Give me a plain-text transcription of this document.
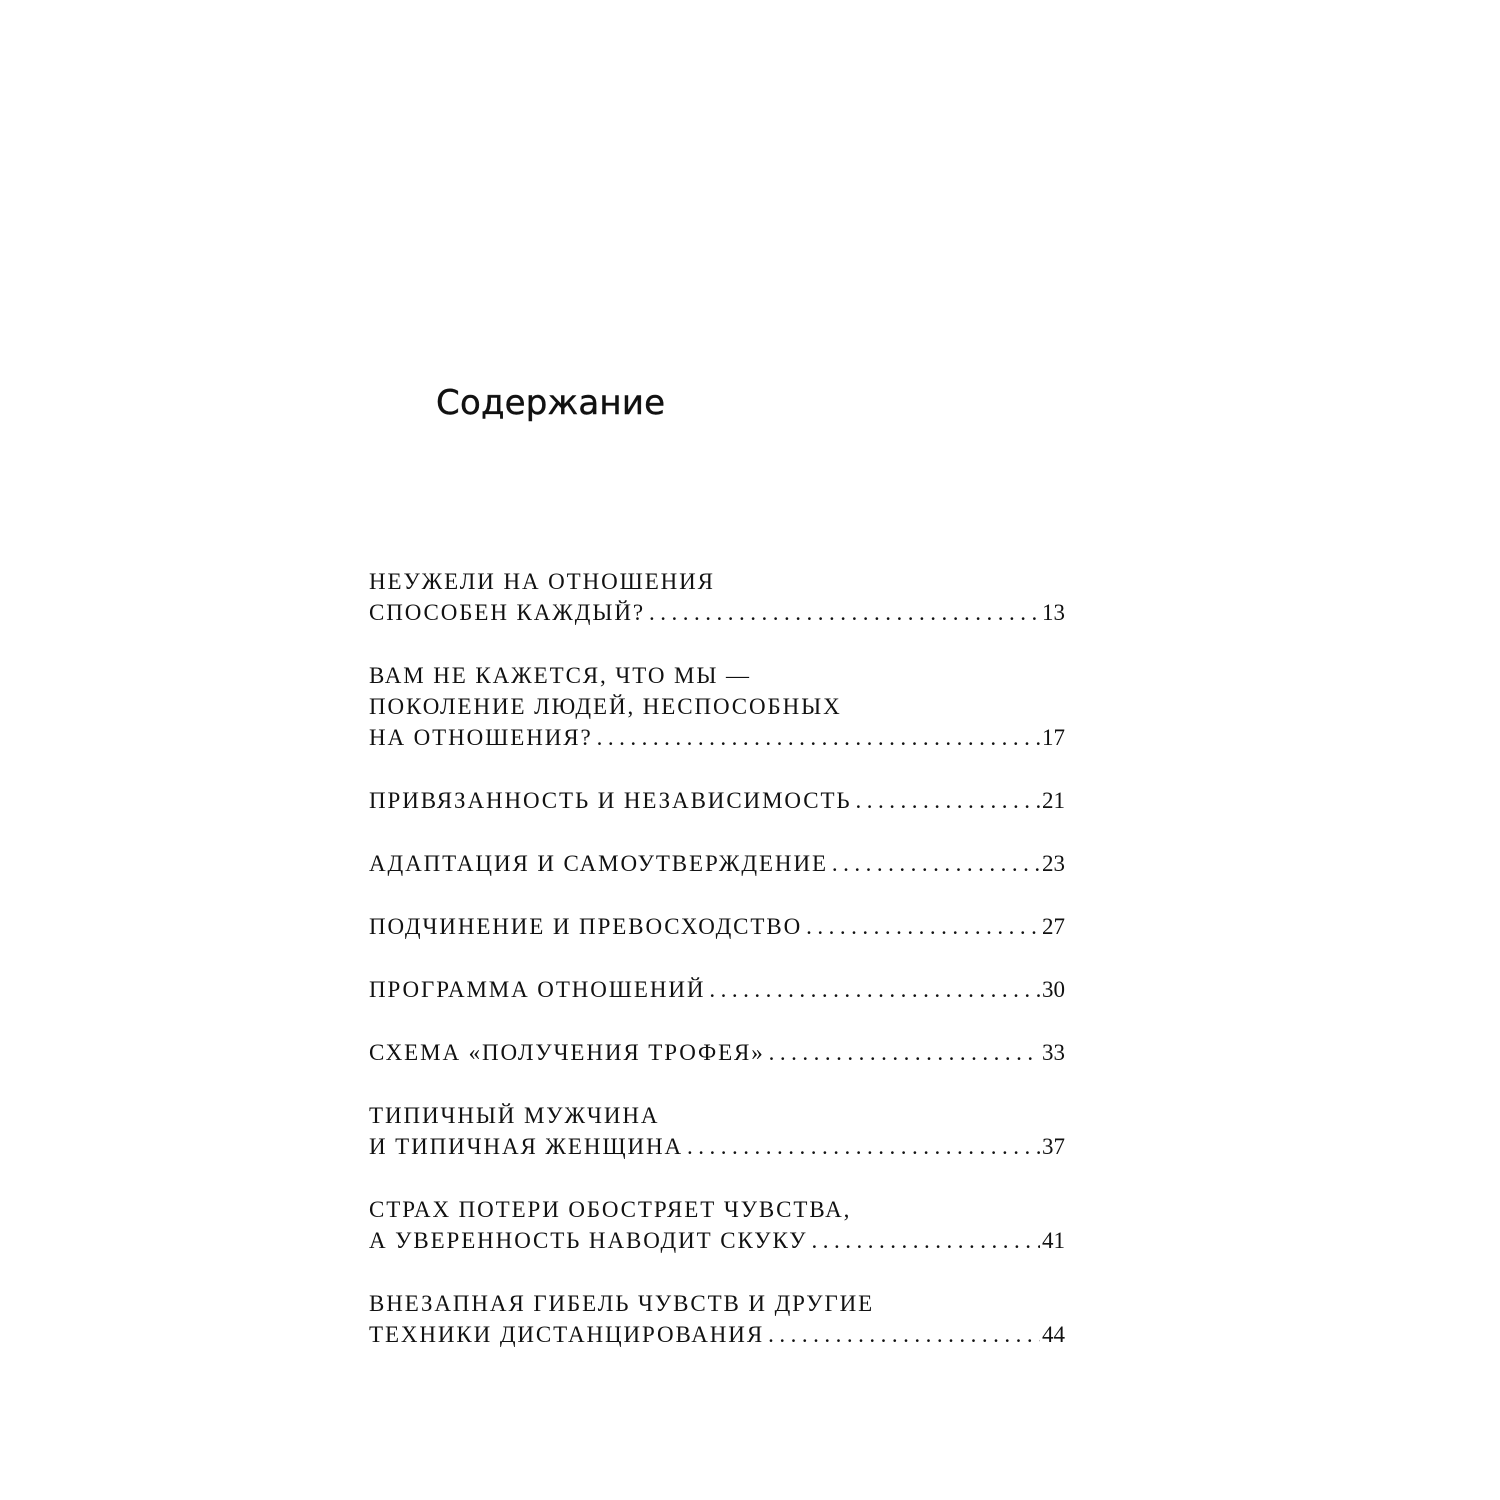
Содержание
НЕУЖЕЛИ НА ОТНОШЕНИЯ
СПОСОБЕН КАЖДЫЙ? .....	13
ВАМ НЕ КАЖЕТСЯ, ЧТО МЫ —
ПОКОЛЕНИЕ ЛЮДЕЙ, НЕСПОСОБНЫХ
НА ОТНОШЕНИЯ? .....	17
ПРИВЯЗАННОСТЬ И НЕЗАВИСИМОСТЬ .....	21
АДАПТАЦИЯ И САМОУТВЕРЖДЕНИЕ .....	23
ПОДЧИНЕНИЕ И ПРЕВОСХОДСТВО .....	27
ПРОГРАММА ОТНОШЕНИЙ .....	30
СХЕМА «ПОЛУЧЕНИЯ ТРОФЕЯ» .....	33
ТИПИЧНЫЙ МУЖЧИНА
И ТИПИЧНАЯ ЖЕНЩИНА .....	37
СТРАХ ПОТЕРИ ОБОСТРЯЕТ ЧУВСТВА,
А УВЕРЕННОСТЬ НАВОДИТ СКУКУ .....	41
ВНЕЗАПНАЯ ГИБЕЛЬ ЧУВСТВ И ДРУГИЕ
ТЕХНИКИ ДИСТАНЦИРОВАНИЯ .....	44
